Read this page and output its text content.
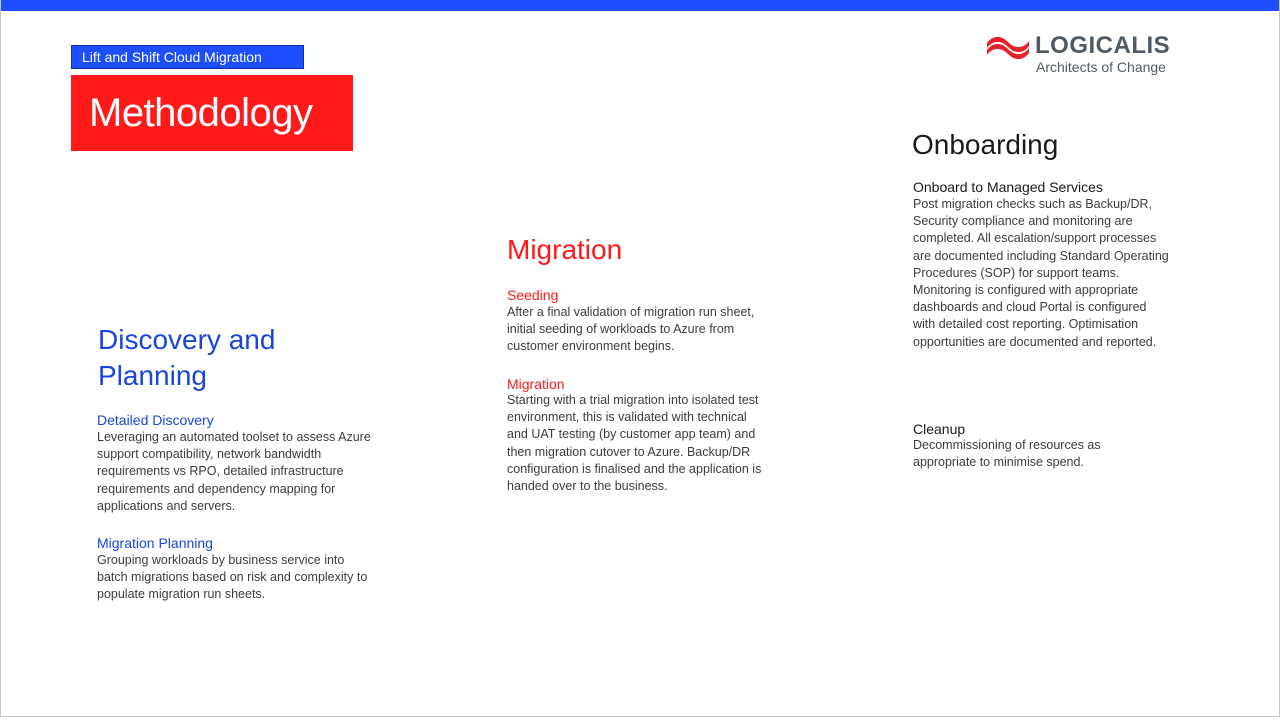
Lift and Shift Cloud Migration
Methodology
LOGICALIS
Architects of Change
Discovery and Planning
Detailed Discovery

Leveraging an automated toolset to assess Azure support compatibility, network bandwidth requirements vs RPO, detailed infrastructure requirements and dependency mapping for applications and servers.

Migration Planning

Grouping workloads by business service into batch migrations based on risk and complexity to populate migration run sheets.

Migration
Seeding

After a final validation of migration run sheet, initial seeding of workloads to Azure from customer environment begins.

Migration

Starting with a trial migration into isolated test environment, this is validated with technical and UAT testing (by customer app team) and then migration cutover to Azure. Backup/DR configuration is finalised and the application is handed over to the business.

Onboarding
Onboard to Managed Services

Post migration checks such as Backup/DR, Security compliance and monitoring are completed. All escalation/support processes are documented including Standard Operating Procedures (SOP) for support teams. Monitoring is configured with appropriate dashboards and cloud Portal is configured with detailed cost reporting. Optimisation opportunities are documented and reported.

Cleanup

Decommissioning of resources as appropriate to minimise spend.
